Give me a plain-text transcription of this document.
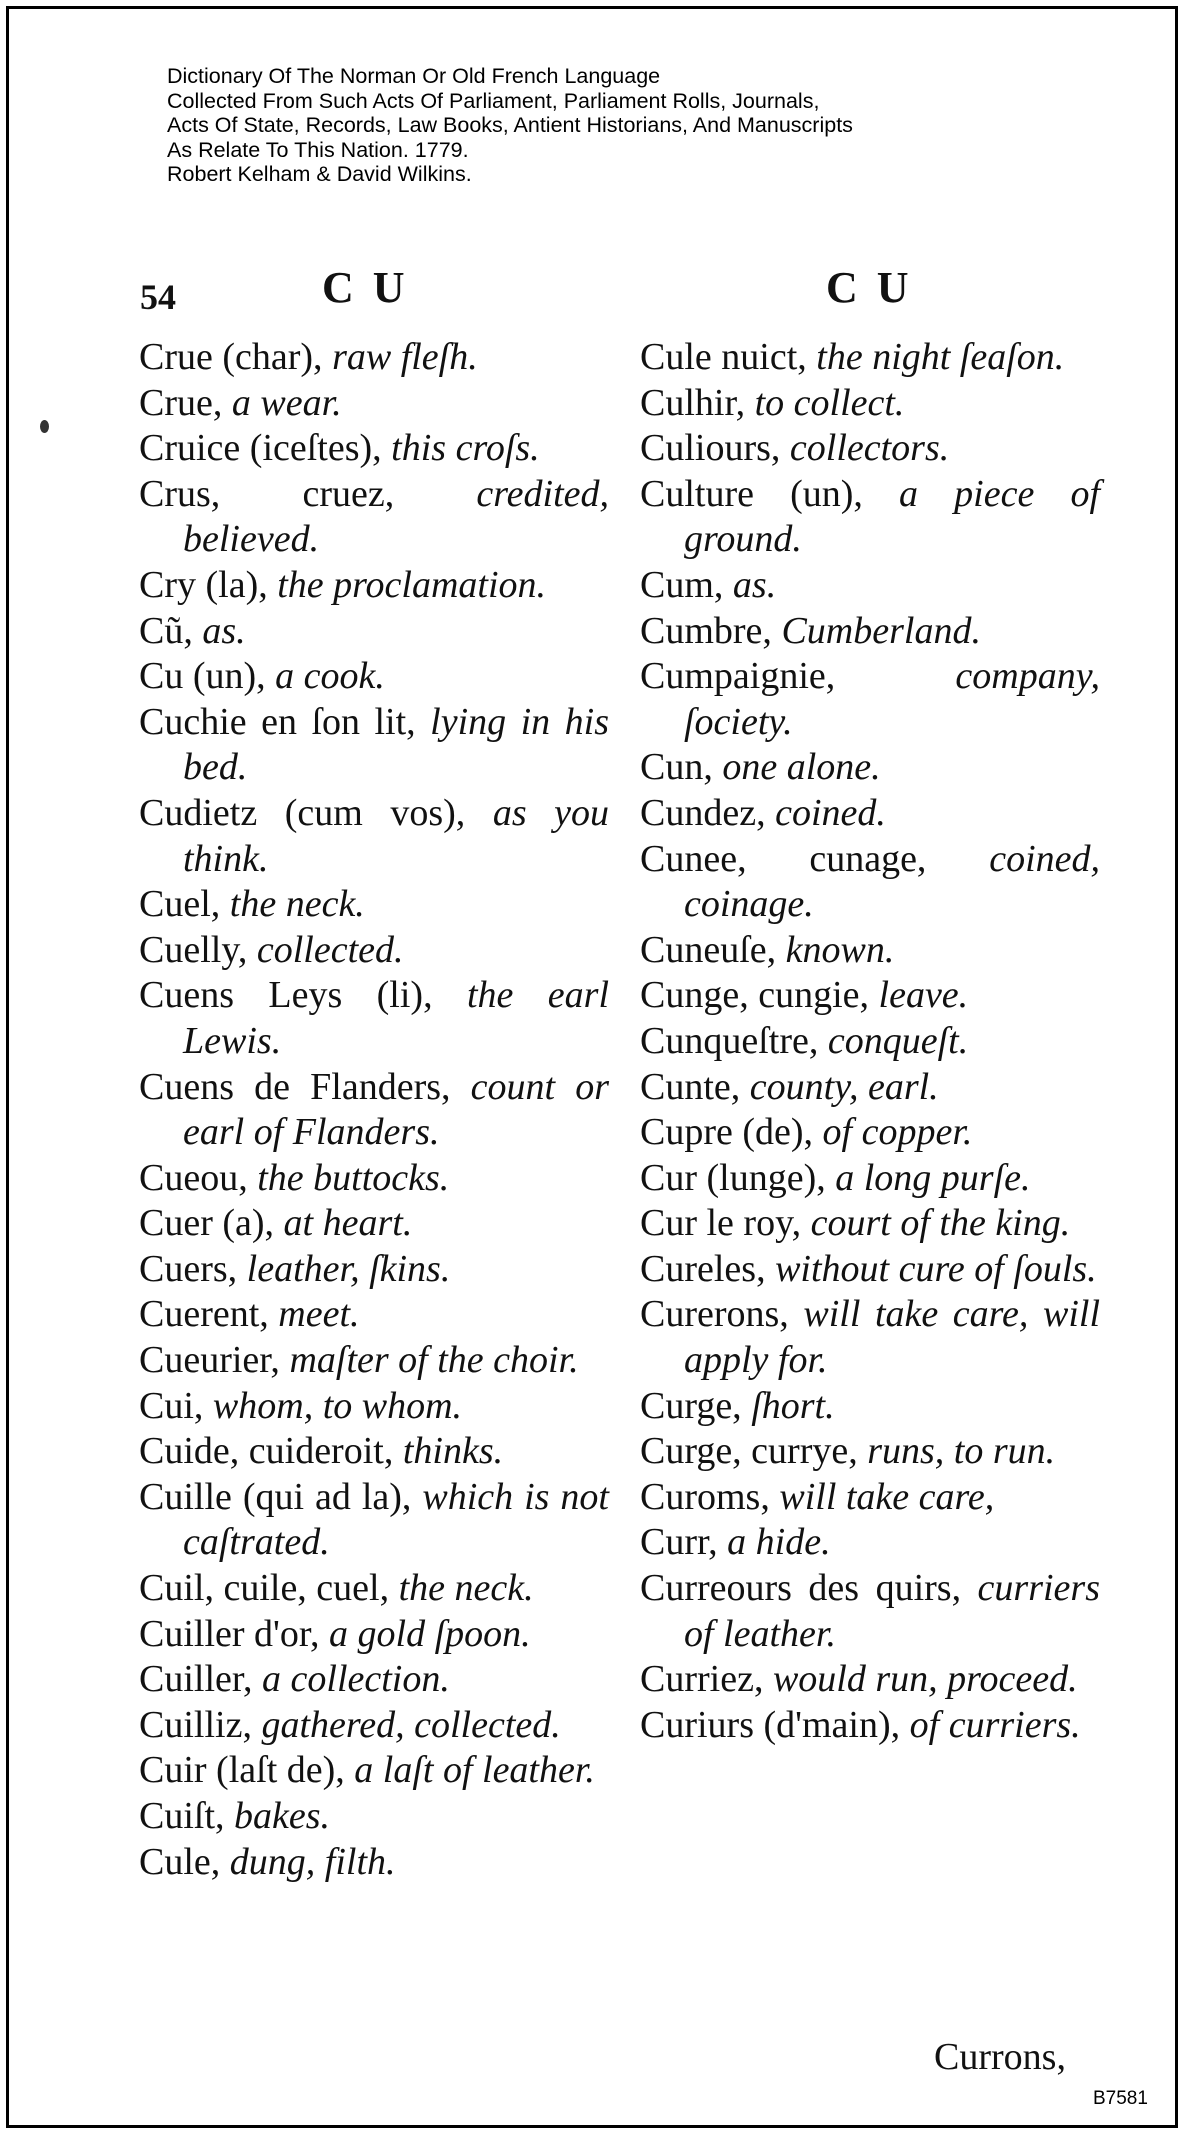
Dictionary Of The Norman Or Old French Language
Collected From Such Acts Of Parliament, Parliament Rolls, Journals,
Acts Of State, Records, Law Books, Antient Historians, And Manuscripts
As Relate To This Nation. 1779.
Robert Kelham & David Wilkins.
54	C U	C U
Crue (char), raw fleſh.
Crue, a wear.
Cruice (iceſtes), this croſs.
Crus, cruez, credited, believed.
Cry (la), the proclamation.
Cũ, as.
Cu (un), a cook.
Cuchie en ſon lit, lying in his bed.
Cudietz (cum vos), as you think.
Cuel, the neck.
Cuelly, collected.
Cuens Leys (li), the earl Lewis.
Cuens de Flanders, count or earl of Flanders.
Cueou, the buttocks.
Cuer (a), at heart.
Cuers, leather, ſkins.
Cuerent, meet.
Cueurier, maſter of the choir.
Cui, whom, to whom.
Cuide, cuideroit, thinks.
Cuille (qui ad la), which is not caſtrated.
Cuil, cuile, cuel, the neck.
Cuiller d'or, a gold ſpoon.
Cuiller, a collection.
Cuilliz, gathered, collected.
Cuir (laſt de), a laſt of leather.
Cuiſt, bakes.
Cule, dung, filth.
Cule nuict, the night ſeaſon.
Culhir, to collect.
Culiours, collectors.
Culture (un), a piece of ground.
Cum, as.
Cumbre, Cumberland.
Cumpaignie, company, ſociety.
Cun, one alone.
Cundez, coined.
Cunee, cunage, coined, coinage.
Cuneuſe, known.
Cunge, cungie, leave.
Cunqueſtre, conqueſt.
Cunte, county, earl.
Cupre (de), of copper.
Cur (lunge), a long purſe.
Cur le roy, court of the king.
Cureles, without cure of ſouls.
Curerons, will take care, will apply for.
Curge, ſhort.
Curge, currye, runs, to run.
Curoms, will take care,
Curr, a hide.
Curreours des quirs, curriers of leather.
Curriez, would run, proceed.
Curiurs (d'main), of curriers.
Currons,
B7581
